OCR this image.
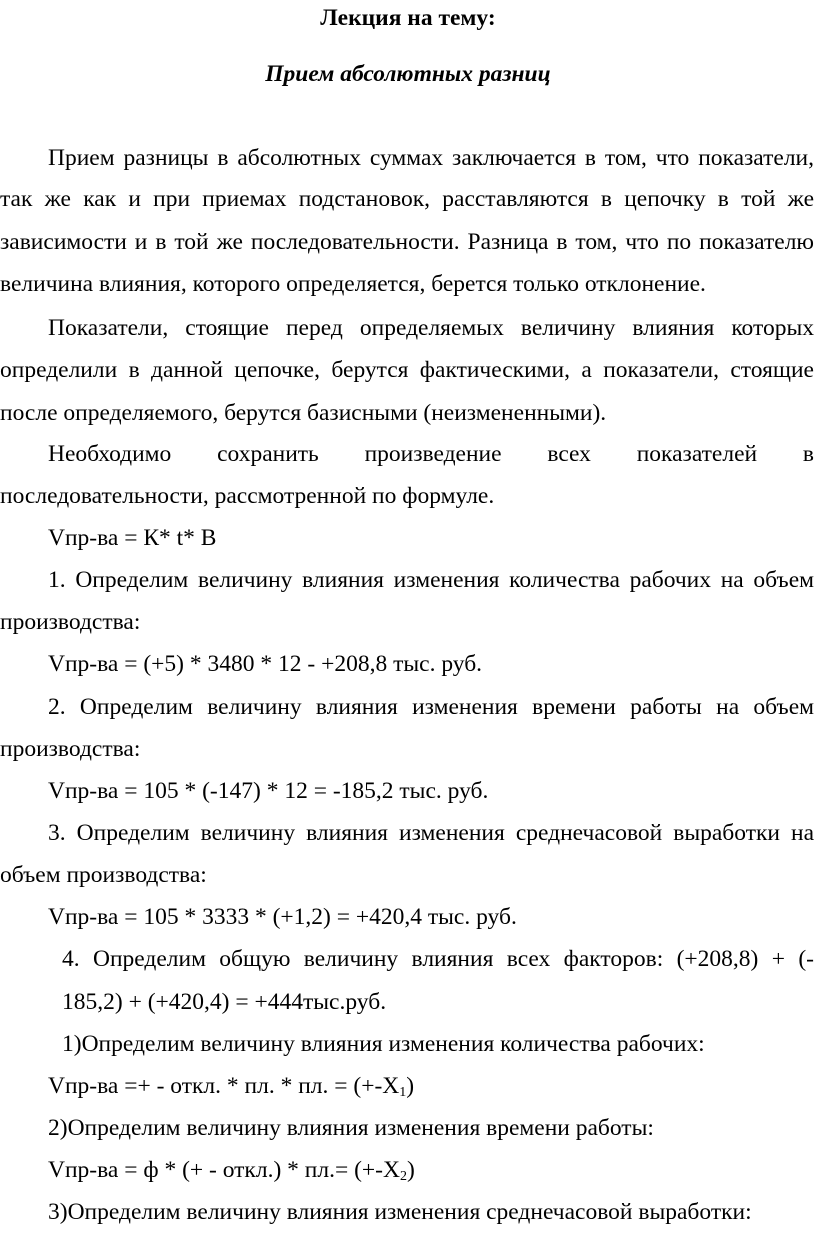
Лекция на тему:

Прием абсолютных разниц

Прием разницы в абсолютных суммах заключается в том, что показатели,

так же как и при приемах подстановок, расставляются в цепочку в той же

зависимости и в той же последовательности. Разница в том, что по показателю

величина влияния, которого определяется, берется только отклонение.

Показатели, стоящие перед определяемых величину влияния которых

определили в данной цепочке, берутся фактическими, а показатели, стоящие

после определяемого, берутся базисными (неизмененными).

Необходимо сохранить произведение всех показателей в

последовательности, рассмотренной по формуле.

Vпр-ва = К* t* В

1. Определим величину влияния изменения количества рабочих на объем

производства:

Vпр-ва = (+5) * 3480 * 12 - +208,8 тыс. руб.

2. Определим величину влияния изменения времени работы на объем

производства:

Vпр-ва = 105 * (-147) * 12 = -185,2 тыс. руб.

3. Определим величину влияния изменения среднечасовой выработки на

объем производства:

Vпр-ва = 105 * 3333 * (+1,2) = +420,4 тыс. руб.

4. Определим общую величину влияния всех факторов: (+208,8) + (-

185,2) + (+420,4) = +444тыс.руб.

1)Определим величину влияния изменения количества рабочих:

Vпр-ва =+ - откл. * пл. * пл. = $(+-Х_1)$

2)Определим величину влияния изменения времени работы:

Vпр-ва = ф * (+ - откл.) * $пл.= (+-Х_2)$

3)Определим величину влияния изменения среднечасовой выработки:
